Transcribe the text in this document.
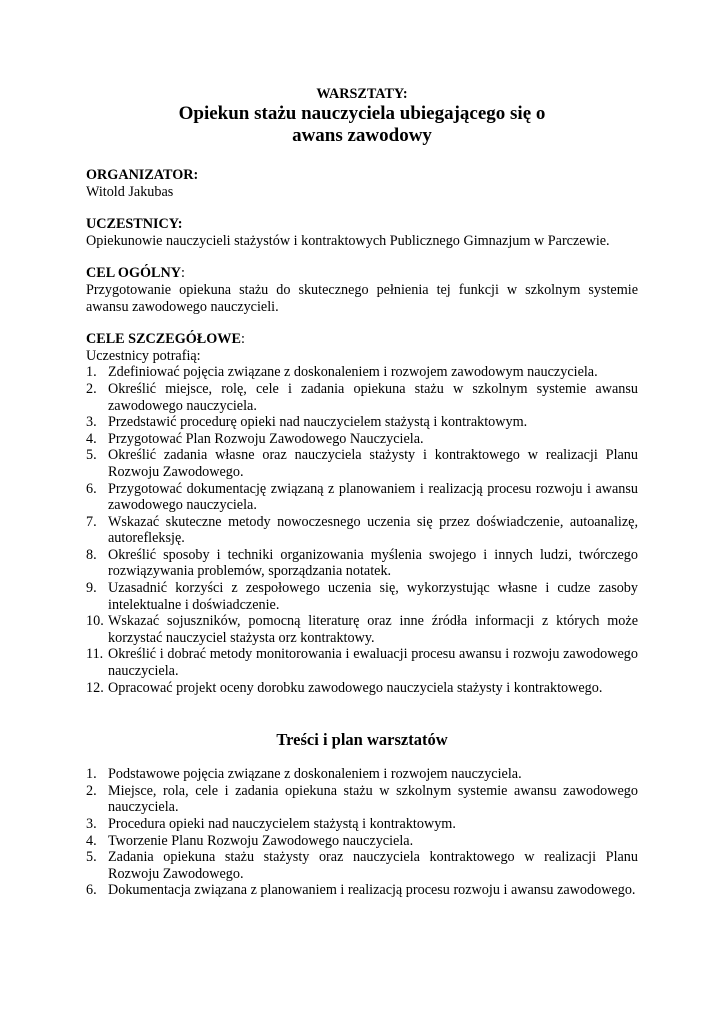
WARSZTATY:

Opiekun stażu nauczyciela ubiegającego się o

awans zawodowy

ORGANIZATOR:
Witold Jakubas
UCZESTNICY:
Opiekunowie nauczycieli stażystów i kontraktowych Publicznego Gimnazjum w Parczewie.
CEL OGÓLNY:
Przygotowanie opiekuna stażu do skutecznego pełnienia tej funkcji w szkolnym systemie awansu zawodowego nauczycieli.
CELE SZCZEGÓŁOWE:
Uczestnicy potrafią:
1. Zdefiniować pojęcia związane z doskonaleniem i rozwojem zawodowym nauczyciela.
2. Określić miejsce, rolę, cele i zadania opiekuna stażu w szkolnym systemie awansu zawodowego nauczyciela.
3. Przedstawić procedurę opieki nad nauczycielem stażystą i kontraktowym.
4. Przygotować Plan Rozwoju Zawodowego Nauczyciela.
5. Określić zadania własne oraz nauczyciela stażysty i kontraktowego w realizacji Planu Rozwoju Zawodowego.
6. Przygotować dokumentację związaną z planowaniem i realizacją procesu rozwoju i awansu zawodowego nauczyciela.
7. Wskazać skuteczne metody nowoczesnego uczenia się przez doświadczenie, autoanalizę, autorefleksję.
8. Określić sposoby i techniki organizowania myślenia swojego i innych ludzi, twórczego rozwiązywania problemów, sporządzania notatek.
9. Uzasadnić korzyści z zespołowego uczenia się, wykorzystując własne i cudze zasoby intelektualne i doświadczenie.
10. Wskazać sojuszników, pomocną literaturę oraz inne źródła informacji z których może korzystać nauczyciel stażysta orz kontraktowy.
11. Określić i dobrać metody monitorowania i ewaluacji procesu awansu i rozwoju zawodowego nauczyciela.
12. Opracować projekt oceny dorobku zawodowego nauczyciela stażysty i kontraktowego.
Treści i plan warsztatów
1. Podstawowe pojęcia związane z doskonaleniem i rozwojem nauczyciela.
2. Miejsce, rola, cele i zadania opiekuna stażu w szkolnym systemie awansu zawodowego nauczyciela.
3. Procedura opieki nad nauczycielem stażystą i kontraktowym.
4. Tworzenie Planu Rozwoju Zawodowego nauczyciela.
5. Zadania opiekuna stażu stażysty oraz nauczyciela kontraktowego w realizacji Planu Rozwoju Zawodowego.
6. Dokumentacja związana z planowaniem i realizacją procesu rozwoju i awansu zawodowego.
